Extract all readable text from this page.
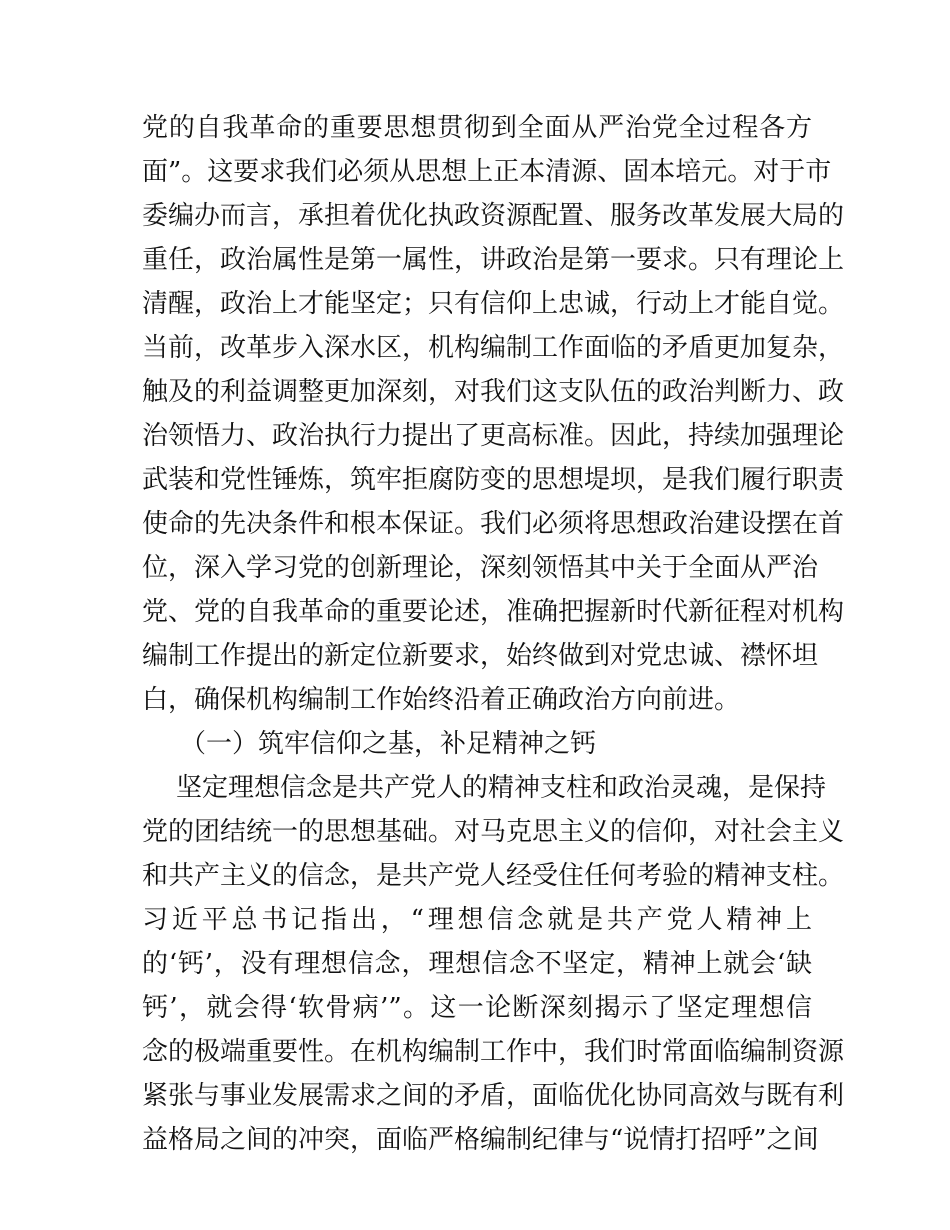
党的自我革命的重要思想贯彻到全面从严治党全过程各方
面”。这要求我们必须从思想上正本清源、固本培元。对于市
委编办而言，承担着优化执政资源配置、服务改革发展大局的
重任，政治属性是第一属性，讲政治是第一要求。只有理论上
清醒，政治上才能坚定；只有信仰上忠诚，行动上才能自觉。
当前，改革步入深水区，机构编制工作面临的矛盾更加复杂，
触及的利益调整更加深刻，对我们这支队伍的政治判断力、政
治领悟力、政治执行力提出了更高标准。因此，持续加强理论
武装和党性锤炼，筑牢拒腐防变的思想堤坝，是我们履行职责
使命的先决条件和根本保证。我们必须将思想政治建设摆在首
位，深入学习党的创新理论，深刻领悟其中关于全面从严治
党、党的自我革命的重要论述，准确把握新时代新征程对机构
编制工作提出的新定位新要求，始终做到对党忠诚、襟怀坦
白，确保机构编制工作始终沿着正确政治方向前进。
（一）筑牢信仰之基，补足精神之钙
坚定理想信念是共产党人的精神支柱和政治灵魂，是保持
党的团结统一的思想基础。对马克思主义的信仰，对社会主义
和共产主义的信念，是共产党人经受住任何考验的精神支柱。
习近平总书记指出，“理想信念就是共产党人精神上
的‘钙’，没有理想信念，理想信念不坚定，精神上就会‘缺
钙’，就会得‘软骨病’”。这一论断深刻揭示了坚定理想信
念的极端重要性。在机构编制工作中，我们时常面临编制资源
紧张与事业发展需求之间的矛盾，面临优化协同高效与既有利
益格局之间的冲突，面临严格编制纪律与“说情打招呼”之间
